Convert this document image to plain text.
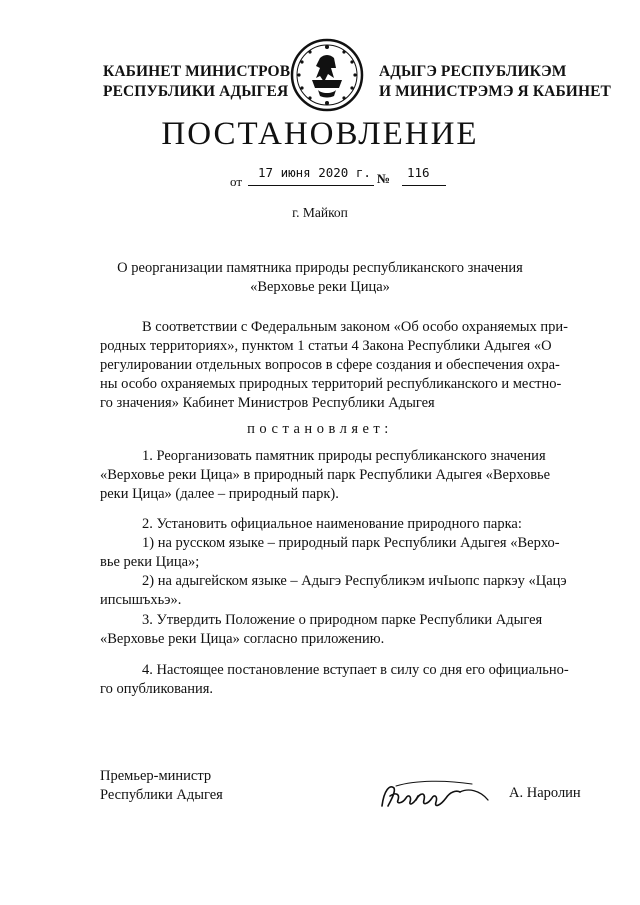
КАБИНЕТ МИНИСТРОВ
РЕСПУБЛИКИ АДЫГЕЯ
АДЫГЭ РЕСПУБЛИКЭМ
И МИНИСТРЭМЭ Я КАБИНЕТ
ПОСТАНОВЛЕНИЕ
от
17 июня 2020 г. № 116
г. Майкоп
О реорганизации памятника природы республиканского значения
«Верховье реки Цица»
В соответствии с Федеральным законом «Об особо охраняемых при-
родных территориях», пунктом 1 статьи 4 Закона Республики Адыгея «О
регулировании отдельных вопросов в сфере создания и обеспечения охра-
ны особо охраняемых природных территорий республиканского и местно-
го значения» Кабинет Министров Республики Адыгея
постановляет:
1. Реорганизовать памятник природы республиканского значения
«Верховье реки Цица» в природный парк Республики Адыгея «Верховье
реки Цица» (далее – природный парк).
2. Установить официальное наименование природного парка:
1) на русском языке – природный парк Республики Адыгея «Верхо-
вье реки Цица»;
2) на адыгейском языке – Адыгэ Республикэм ичIыопс паркэу «Цацэ
ипсышъхьэ».
3. Утвердить Положение о природном парке Республики Адыгея
«Верховье реки Цица» согласно приложению.
4. Настоящее постановление вступает в силу со дня его официально-
го опубликования.
Премьер-министр
Республики Адыгея	А. Наролин
